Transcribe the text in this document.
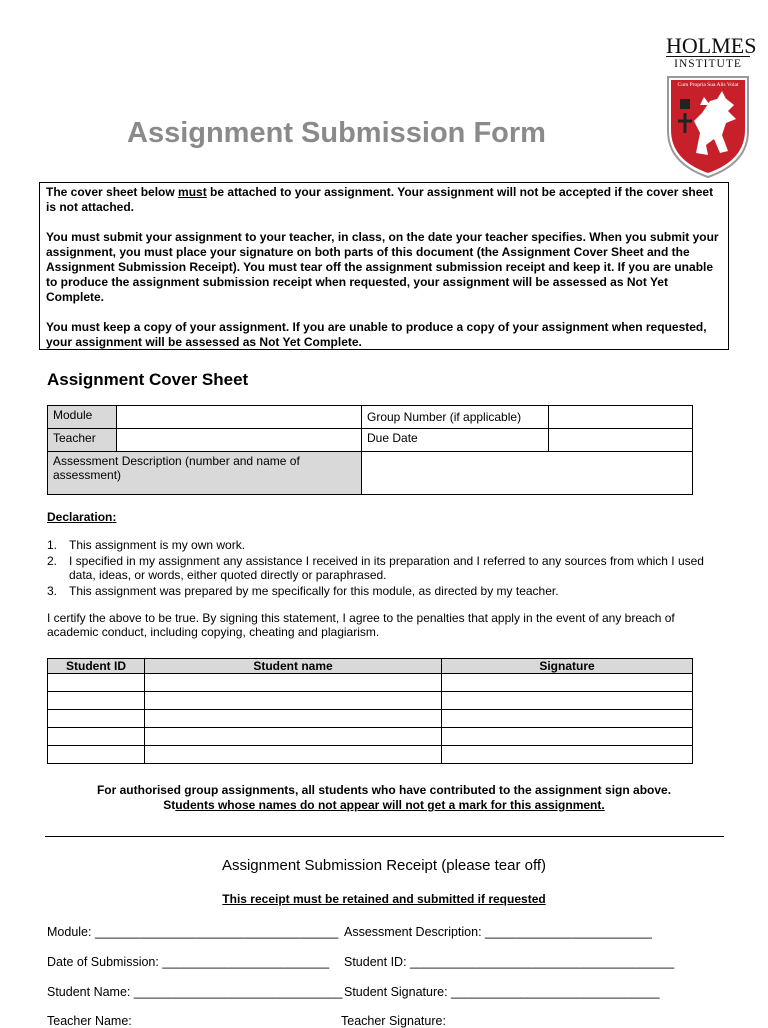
HOLMES
INSTITUTE
Cum Propria Sua Alis Volat
Assignment Submission Form

The cover sheet below must be attached to your assignment. Your assignment will not be accepted if the cover sheet is not attached.

You must submit your assignment to your teacher, in class, on the date your teacher specifies. When you submit your assignment, you must place your signature on both parts of this document (the Assignment Cover Sheet and the Assignment Submission Receipt). You must tear off the assignment submission receipt and keep it. If you are unable to produce the assignment submission receipt when requested, your assignment will be assessed as Not Yet Complete.

You must keep a copy of your assignment. If you are unable to produce a copy of your assignment when requested, your assignment will be assessed as Not Yet Complete.

Assignment Cover Sheet
Module		Group Number (if applicable)	
Teacher		Due Date	
Assessment Description (number and name of assessment)			
Declaration:
1. This assignment is my own work.
2. I specified in my assignment any assistance I received in its preparation and I referred to any sources from which I used data, ideas, or words, either quoted directly or paraphrased.
3. This assignment was prepared by me specifically for this module, as directed by my teacher.
I certify the above to be true. By signing this statement, I agree to the penalties that apply in the event of any breach of academic conduct, including copying, cheating and plagiarism.
Student ID	Student name	Signature

For authorised group assignments, all students who have contributed to the assignment sign above.
Students whose names do not appear will not get a mark for this assignment.
Assignment Submission Receipt (please tear off)
This receipt must be retained and submitted if requested
Module: ___________________________________ Assessment Description: ________________________
Date of Submission: ________________________ Student ID: ______________________________________
Student Name: ______________________________ Student Signature: ______________________________
Teacher Name:	Teacher Signature:
